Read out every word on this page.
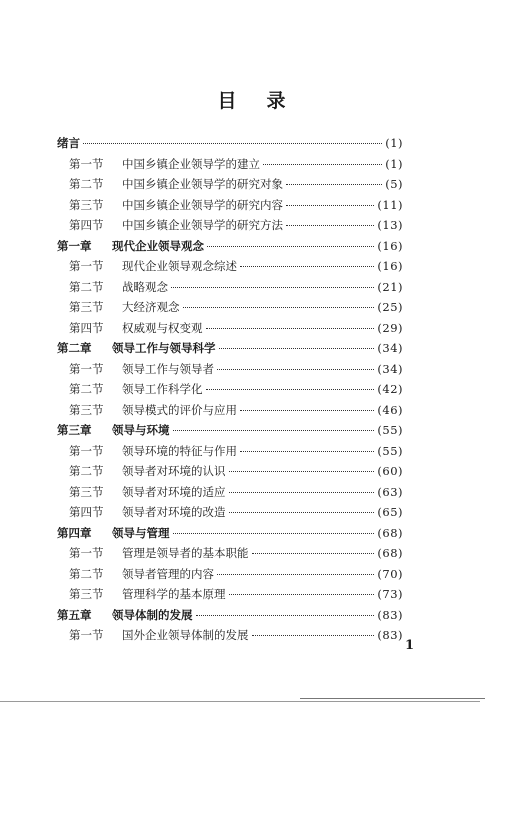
目 录
绪言	(1)
第一节 中国乡镇企业领导学的建立	(1)
第二节 中国乡镇企业领导学的研究对象	(5)
第三节 中国乡镇企业领导学的研究内容	(11)
第四节 中国乡镇企业领导学的研究方法	(13)
第一章 现代企业领导观念	(16)
第一节 现代企业领导观念综述	(16)
第二节 战略观念	(21)
第三节 大经济观念	(25)
第四节 权威观与权变观	(29)
第二章 领导工作与领导科学	(34)
第一节 领导工作与领导者	(34)
第二节 领导工作科学化	(42)
第三节 领导模式的评价与应用	(46)
第三章 领导与环境	(55)
第一节 领导环境的特征与作用	(55)
第二节 领导者对环境的认识	(60)
第三节 领导者对环境的适应	(63)
第四节 领导者对环境的改造	(65)
第四章 领导与管理	(68)
第一节 管理是领导者的基本职能	(68)
第二节 领导者管理的内容	(70)
第三节 管理科学的基本原理	(73)
第五章 领导体制的发展	(83)
第一节 国外企业领导体制的发展	(83)
1
